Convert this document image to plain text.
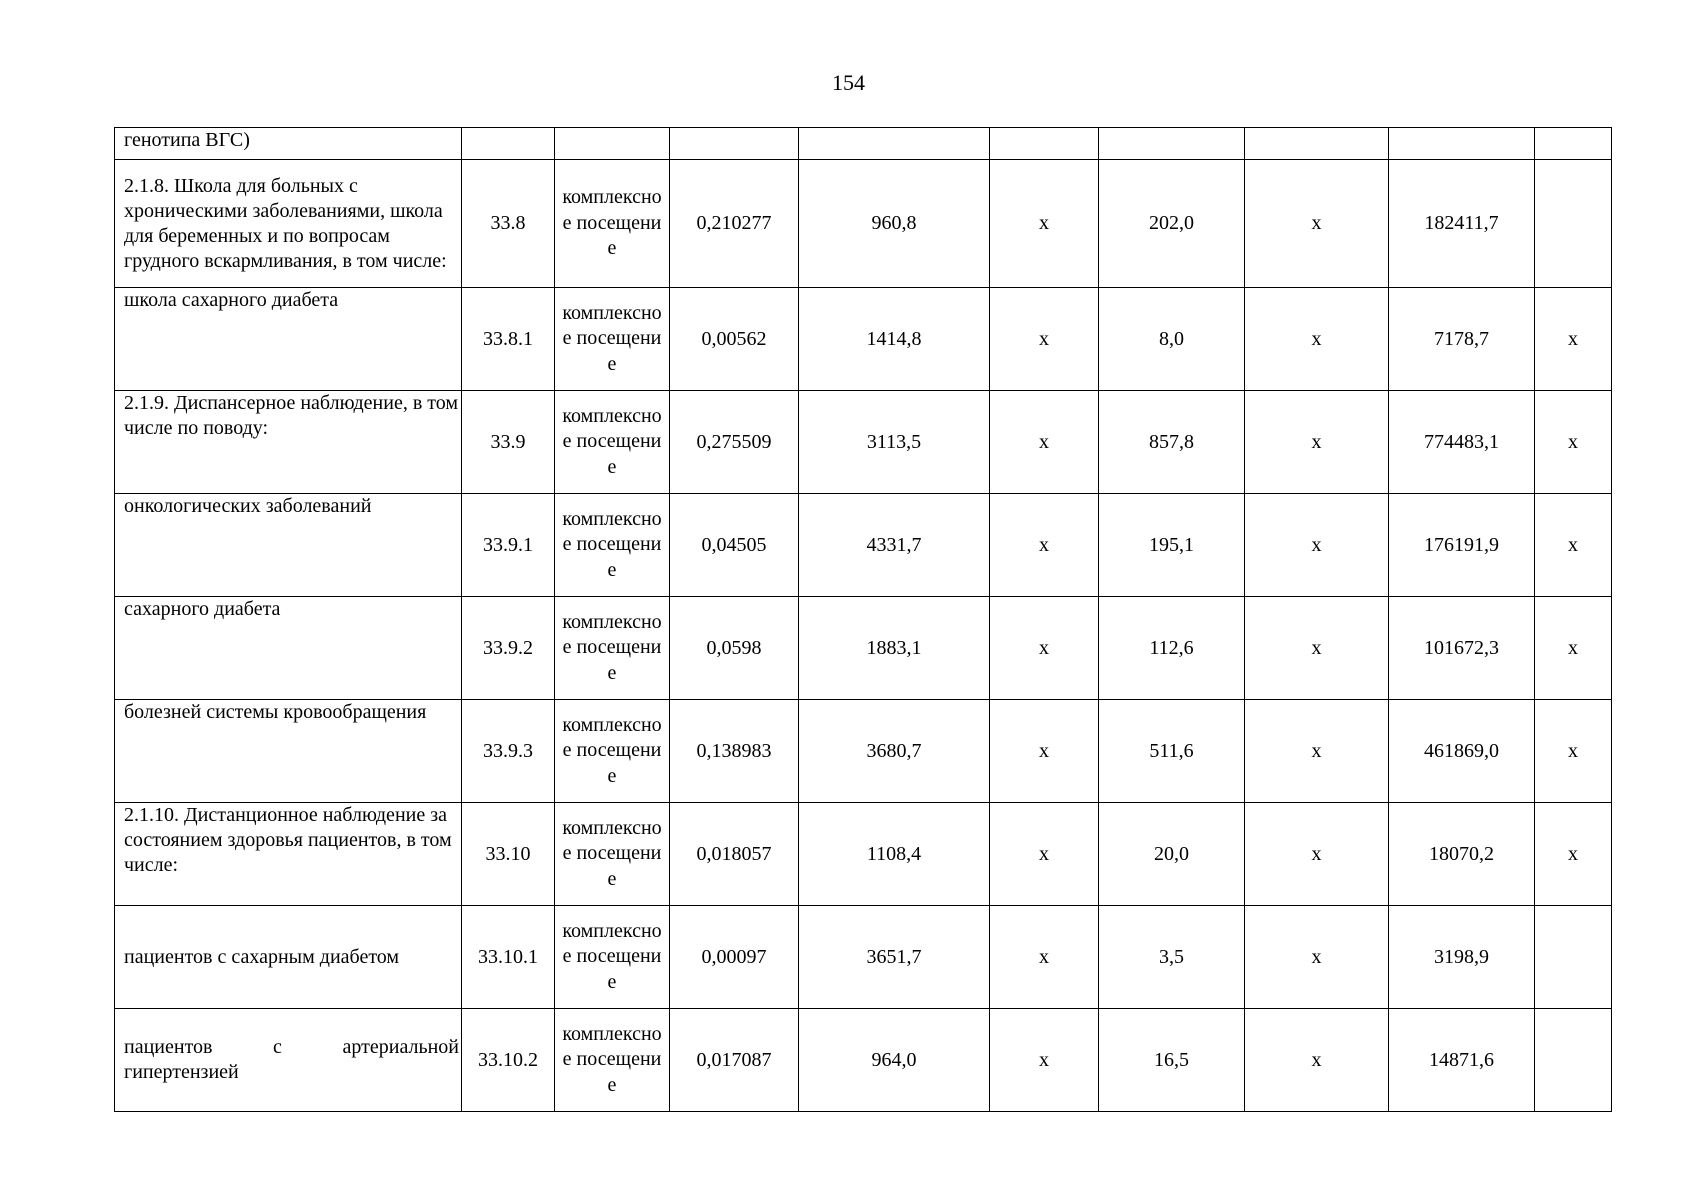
154
генотипа ВГС)									
2.1.8. Школа для больных с хроническими заболеваниями, школа для беременных и по вопросам грудного вскармливания, в том числе:	33.8	комплексное посещение	0,210277	960,8	х	202,0	х	182411,7	
школа сахарного диабета	33.8.1	комплексное посещение	0,00562	1414,8	х	8,0	х	7178,7	х
2.1.9. Диспансерное наблюдение, в том числе по поводу:	33.9	комплексное посещение	0,275509	3113,5	х	857,8	х	774483,1	х
онкологических заболеваний	33.9.1	комплексное посещение	0,04505	4331,7	х	195,1	х	176191,9	х
сахарного диабета	33.9.2	комплексное посещение	0,0598	1883,1	х	112,6	х	101672,3	х
болезней системы кровообращения	33.9.3	комплексное посещение	0,138983	3680,7	х	511,6	х	461869,0	х
2.1.10. Дистанционное наблюдение за состоянием здоровья пациентов, в том числе:	33.10	комплексное посещение	0,018057	1108,4	х	20,0	х	18070,2	х
пациентов с сахарным диабетом	33.10.1	комплексное посещение	0,00097	3651,7	х	3,5	х	3198,9	
пациентов с артериальной гипертензией	33.10.2	комплексное посещение	0,017087	964,0	х	16,5	х	14871,6	
